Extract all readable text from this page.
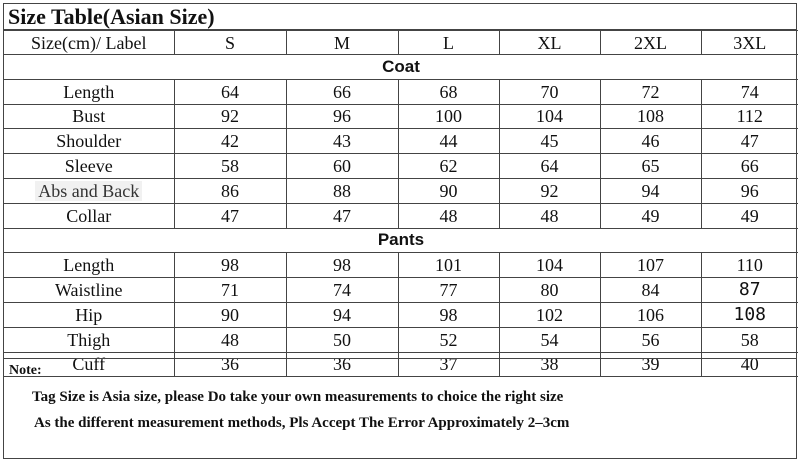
Size Table(Asian Size)
Size(cm)/ Label	S	M	L	XL	2XL	3XL
Coat						
Length	64	66	68	70	72	74
Bust	92	96	100	104	108	112
Shoulder	42	43	44	45	46	47
Sleeve	58	60	62	64	65	66
Abs and Back	86	88	90	92	94	96
Collar	47	47	48	48	49	49
Pants						
Length	98	98	101	104	107	110
Waistline	71	74	77	80	84	87
Hip	90	94	98	102	106	108
Thigh	48	50	52	54	56	58
Cuff	36	36	37	38	39	40
Note:
Tag Size is Asia size, please Do take your own measurements to choice the right size
As the different measurement methods, Pls Accept The Error Approximately 2–3cm
